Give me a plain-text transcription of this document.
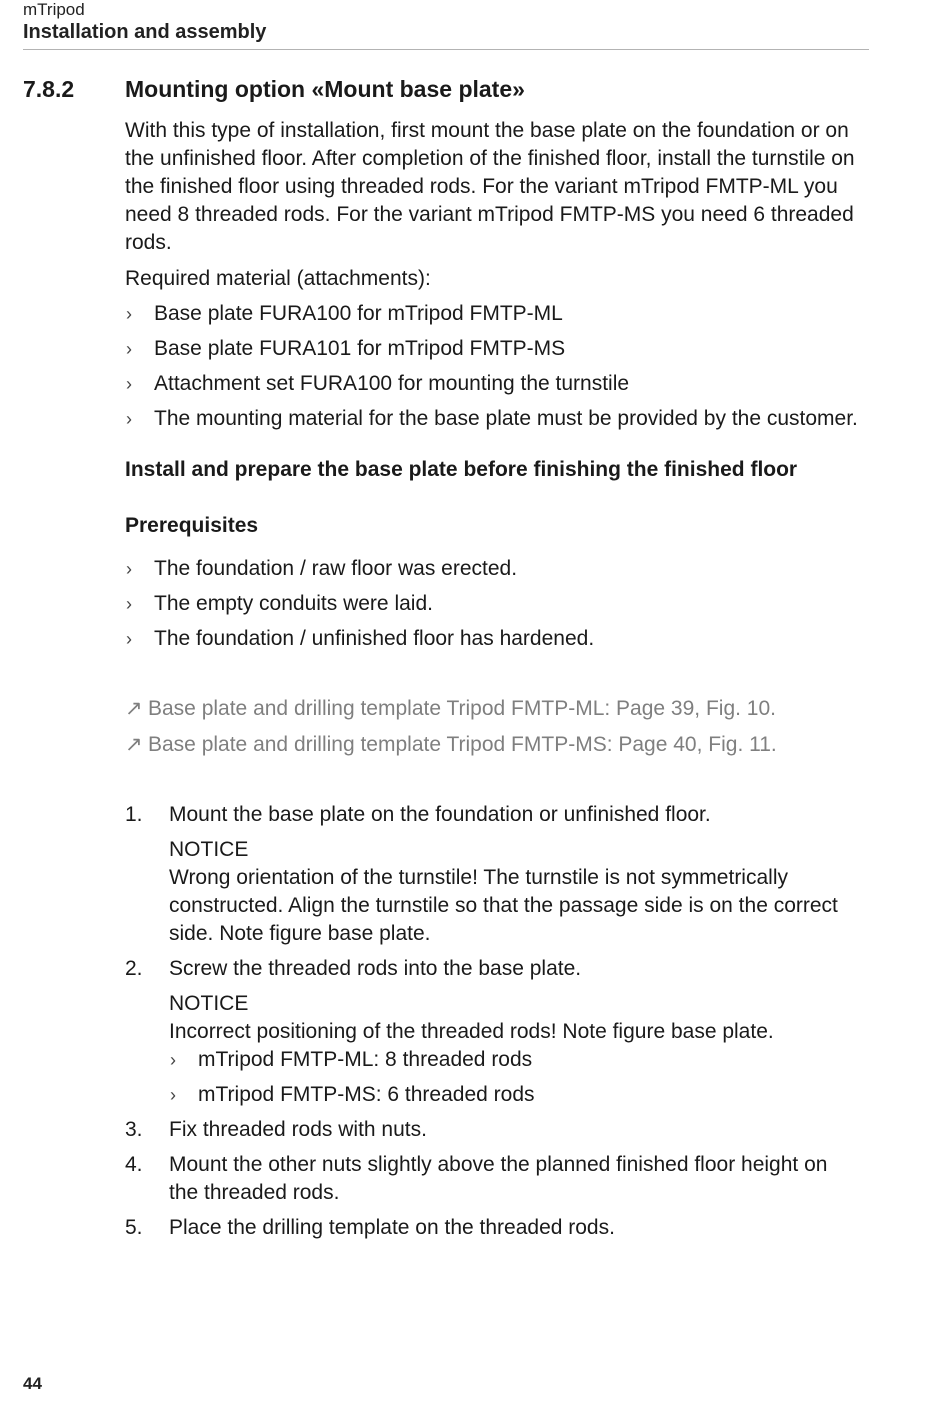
mTripod
Installation and assembly
7.8.2 Mounting option «Mount base plate»

With this type of installation, first mount the base plate on the foundation or on the unfinished floor. After completion of the finished floor, install the turnstile on the finished floor using threaded rods. For the variant mTripod FMTP-ML you need 8 threaded rods. For the variant mTripod FMTP-MS you need 6 threaded rods.

Required material (attachments):

› Base plate FURA100 for mTripod FMTP-ML
› Base plate FURA101 for mTripod FMTP-MS
› Attachment set FURA100 for mounting the turnstile
› The mounting material for the base plate must be provided by the customer.

Install and prepare the base plate before finishing the finished floor

Prerequisites

› The foundation / raw floor was erected.
› The empty conduits were laid.
› The foundation / unfinished floor has hardened.
↗ Base plate and drilling template Tripod FMTP-ML: Page 39, Fig. 10.
↗ Base plate and drilling template Tripod FMTP-MS: Page 40, Fig. 11.
1. Mount the base plate on the foundation or unfinished floor.

NOTICE

Wrong orientation of the turnstile! The turnstile is not symmetrically constructed. Align the turnstile so that the passage side is on the correct side. Note figure base plate.

2. Screw the threaded rods into the base plate.

NOTICE

Incorrect positioning of the threaded rods! Note figure base plate.

› mTripod FMTP-ML: 8 threaded rods
› mTripod FMTP-MS: 6 threaded rods
3. Fix threaded rods with nuts.

4. Mount the other nuts slightly above the planned finished floor height on the threaded rods.

5. Place the drilling template on the threaded rods.

44
